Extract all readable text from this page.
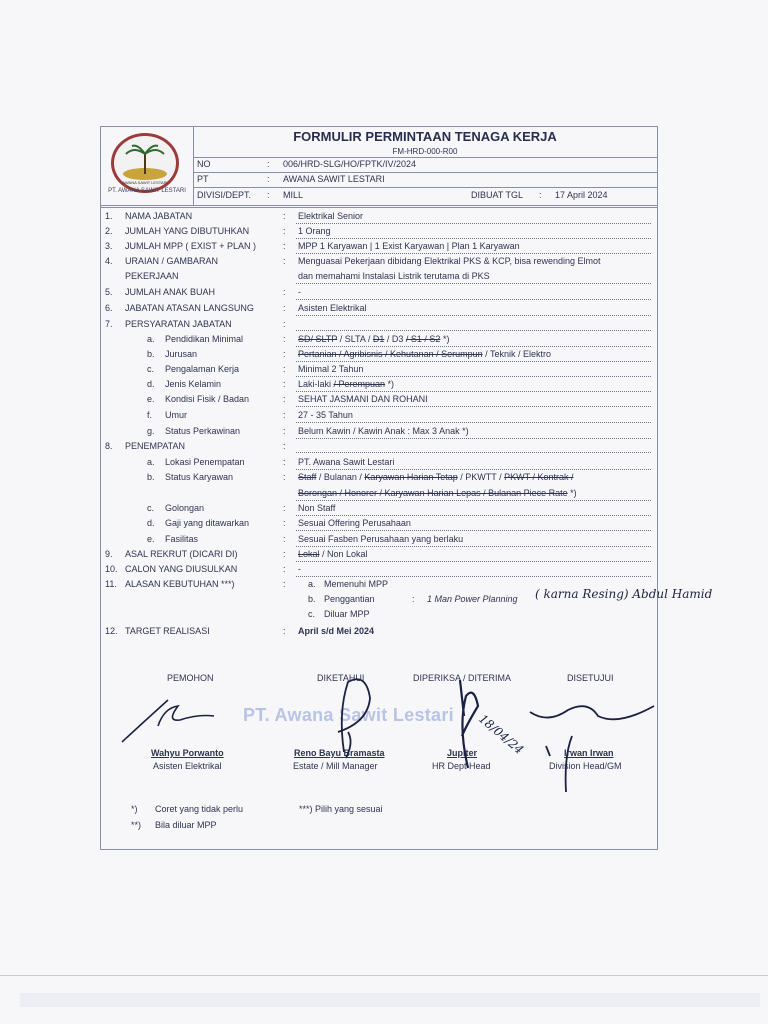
AWANA SAWIT LESTARI
PT. AWANA SAWIT LESTARI
FORMULIR PERMINTAAN TENAGA KERJA
FM-HRD-000-R00
NO	: 006/HRD-SLG/HO/FPTK/IV/2024
PT	: AWANA SAWIT LESTARI
DIVISI/DEPT. : MILL	DIBUAT TGL : 17 April 2024
1. NAMA JABATAN	: Elektrikal Senior
2. JUMLAH YANG DIBUTUHKAN	: 1 Orang
3. JUMLAH MPP ( EXIST + PLAN )	: MPP 1 Karyawan | 1 Exist Karyawan | Plan 1 Karyawan
4. URAIAN / GAMBARAN
PEKERJAAN
: Menguasai Pekerjaan dibidang Elektrikal PKS & KCP, bisa rewending Elmot
dan memahami Instalasi Listrik terutama di PKS
5. JUMLAH ANAK BUAH	: -
6. JABATAN ATASAN LANGSUNG	: Asisten Elektrikal
7. PERSYARATAN JABATAN	:
a. Pendidikan Minimal	: SD/ SLTP / SLTA / D1 / D3 / S1 / S2 *)
b. Jurusan	: Pertanian / Agribisnis / Kehutanan / Serumpun / Teknik / Elektro
c. Pengalaman Kerja	: Minimal 2 Tahun
d. Jenis Kelamin	: Laki-laki / Perempuan *)
e. Kondisi Fisik / Badan	: SEHAT JASMANI DAN ROHANI
f. Umur	: 27 - 35 Tahun
g. Status Perkawinan	: Belum Kawin / Kawin Anak : Max 3 Anak *)
8. PENEMPATAN	:
a. Lokasi Penempatan	: PT. Awana Sawit Lestari
b. Status Karyawan	: Staff / Bulanan / Karyawan Harian Tetap / PKWTT / PKWT / Kontrak /
Borongan / Honorer / Karyawan Harian Lepas / Bulanan Piece Rate *)
c. Golongan	: Non Staff
d. Gaji yang ditawarkan	: Sesuai Offering Perusahaan
e. Fasilitas	: Sesuai Fasben Perusahaan yang berlaku
9. ASAL REKRUT (DICARI DI)	: Lokal / Non Lokal
10. CALON YANG DIUSULKAN	: -
11. ALASAN KEBUTUHAN ***)	: a. Memenuhi MPP
b. Penggantian	: 1 Man Power Planning ( karna Resing) Abdul Hamid
c. Diluar MPP
12. TARGET REALISASI	: April s/d Mei 2024
PEMOHON	DIKETAHUI	DIPERIKSA / DITERIMA	DISETUJUI
Wahyu Porwanto
Asisten Elektrikal
Reno Bayu Bramasta
Estate / Mill Manager
Jupiter
HR Dept Head
Irwan Irwan
Division Head/GM
*) Coret yang tidak perlu
**) Bila diluar MPP
***) Pilih yang sesuai
PT. Awana Sawit Lestari 18/04/24
